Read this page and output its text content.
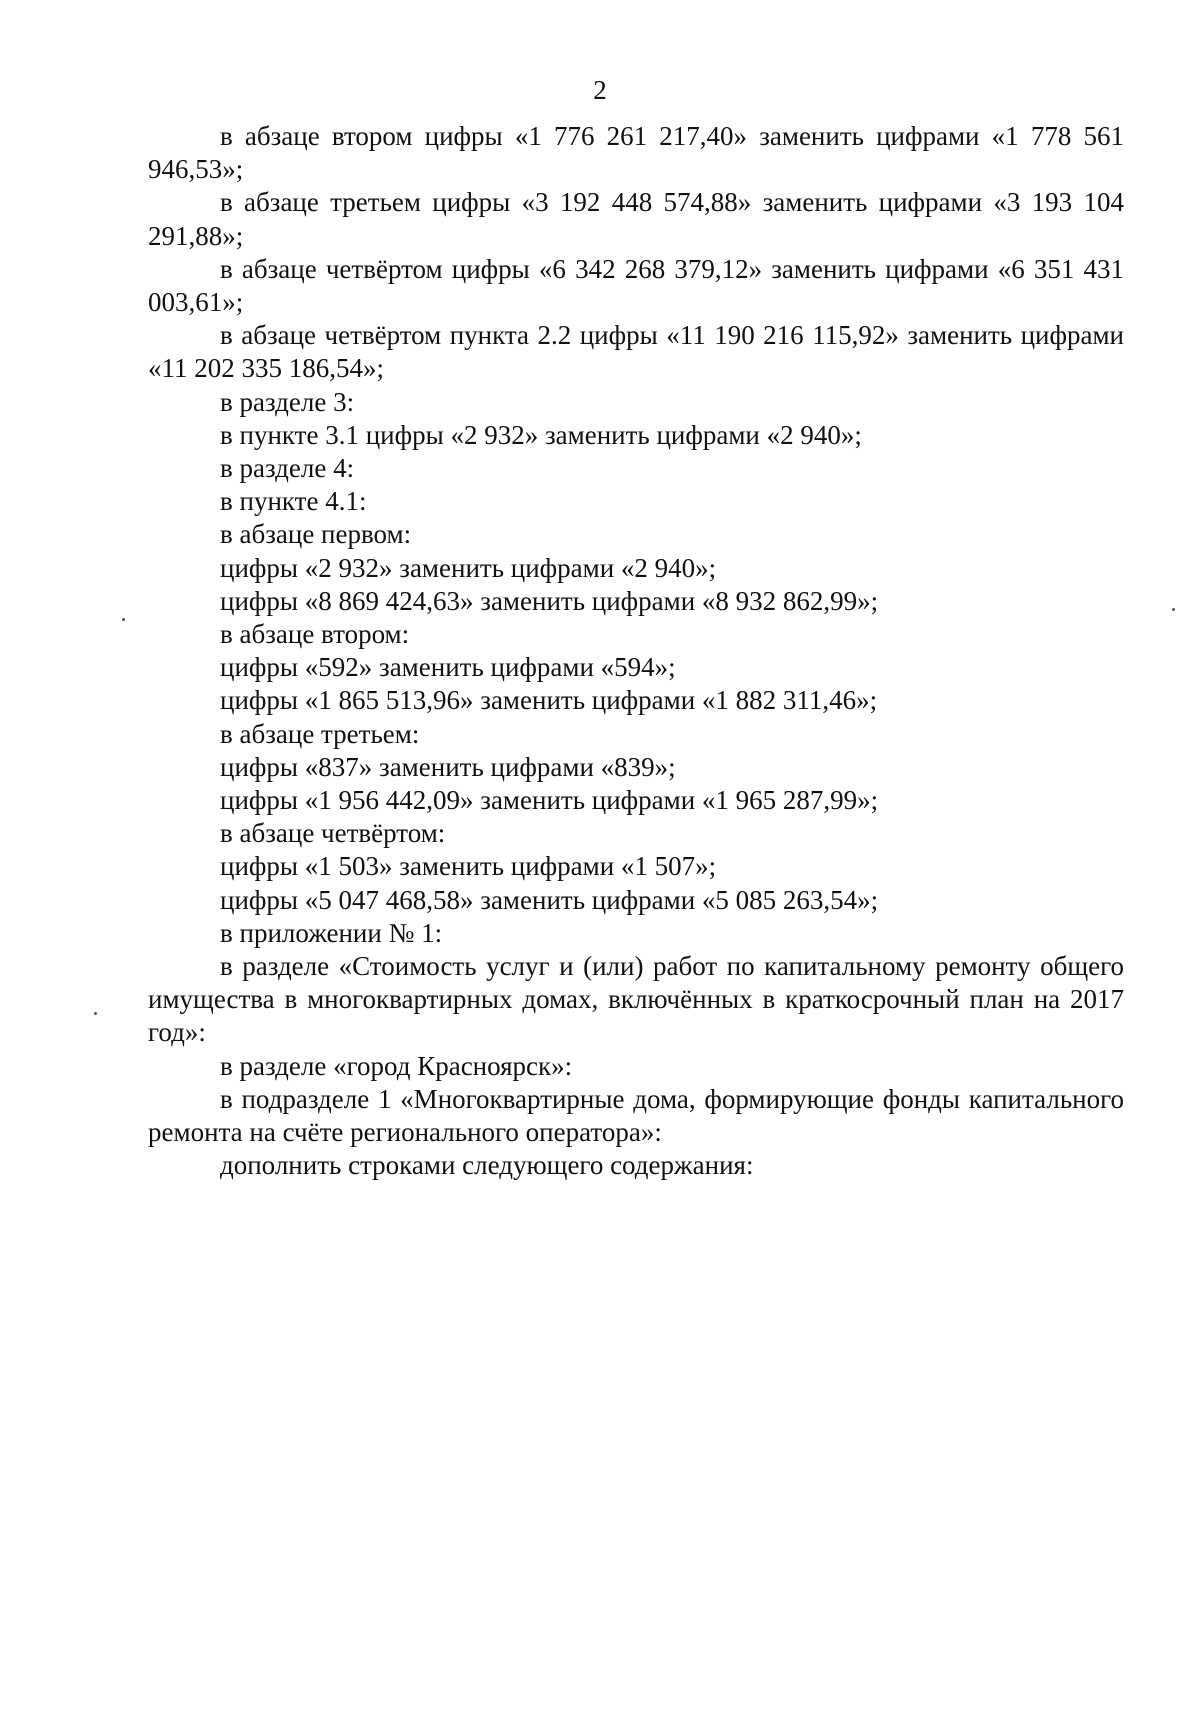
2

в абзаце втором цифры «1 776 261 217,40» заменить цифрами «1 778 561 946,53»;

в абзаце третьем цифры «3 192 448 574,88» заменить цифрами «3 193 104 291,88»;

в абзаце четвёртом цифры «6 342 268 379,12» заменить цифрами «6 351 431 003,61»;

в абзаце четвёртом пункта 2.2 цифры «11 190 216 115,92» заменить цифрами «11 202 335 186,54»;

в разделе 3:

в пункте 3.1 цифры «2 932» заменить цифрами «2 940»;

в разделе 4:

в пункте 4.1:

в абзаце первом:

цифры «2 932» заменить цифрами «2 940»;

цифры «8 869 424,63» заменить цифрами «8 932 862,99»;

в абзаце втором:

цифры «592» заменить цифрами «594»;

цифры «1 865 513,96» заменить цифрами «1 882 311,46»;

в абзаце третьем:

цифры «837» заменить цифрами «839»;

цифры «1 956 442,09» заменить цифрами «1 965 287,99»;

в абзаце четвёртом:

цифры «1 503» заменить цифрами «1 507»;

цифры «5 047 468,58» заменить цифрами «5 085 263,54»;

в приложении № 1:

в разделе «Стоимость услуг и (или) работ по капитальному ремонту общего имущества в многоквартирных домах, включённых в краткосрочный план на 2017 год»:

в разделе «город Красноярск»:

в подразделе 1 «Многоквартирные дома, формирующие фонды капитального ремонта на счёте регионального оператора»:

дополнить строками следующего содержания:
